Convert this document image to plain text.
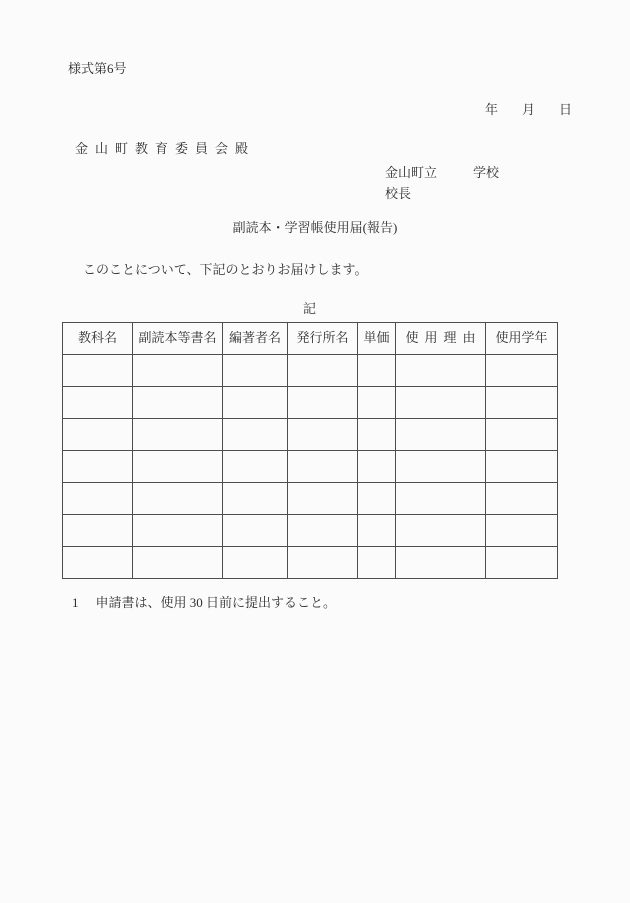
様式第6号
年 月 日
金山町教育委員会殿
金山町立	学校
校長
副読本・学習帳使用届(報告)
このことについて、下記のとおりお届けします。
記
教科名	副読本等書名	編著者名	発行所名	単価	使用理由	使用学年

1 申請書は、使用 30 日前に提出すること。
